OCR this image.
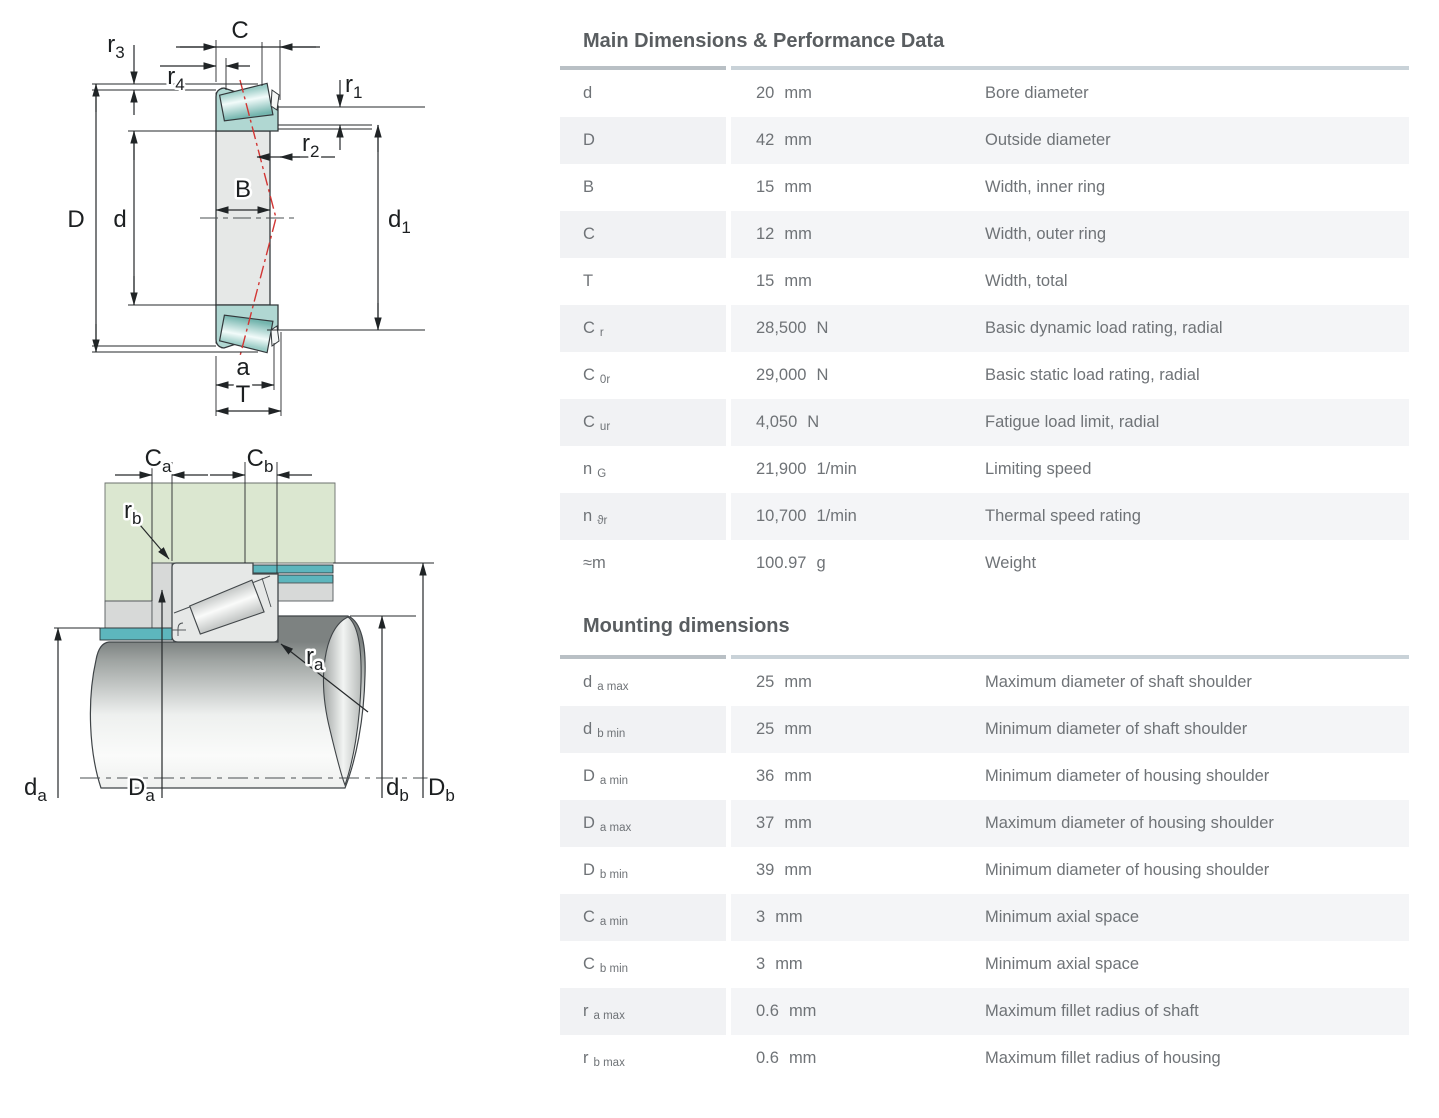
$r_3$
$r_4$
C
$r_1$
$r_2$
B
D d	$d_1$
a
T
$C_a$	$C_b$
$r_b$
$r_a$
$d_a$	$D_a$	$d_b$ $D_b$
Main Dimensions & Performance Data
d	20 mm	Bore diameter
D	42 mm	Outside diameter
B	15 mm	Width, inner ring
C	12 mm	Width, outer ring
T	15 mm	Width, total
C r	28,500 N	Basic dynamic load rating, radial
C 0r	29,000 N	Basic static load rating, radial
C ur	4,050 N	Fatigue load limit, radial
n G	21,900 1/min	Limiting speed
n ϑr	10,700 1/min	Thermal speed rating
≈m	100.97 g	Weight
Mounting dimensions
d a max	25 mm	Maximum diameter of shaft shoulder
d b min	25 mm	Minimum diameter of shaft shoulder
D a min	36 mm	Minimum diameter of housing shoulder
D a max	37 mm	Maximum diameter of housing shoulder
D b min	39 mm	Minimum diameter of housing shoulder
C a min	3 mm	Minimum axial space
C b min	3 mm	Minimum axial space
r a max	0.6 mm	Maximum fillet radius of shaft
r b max	0.6 mm	Maximum fillet radius of housing
